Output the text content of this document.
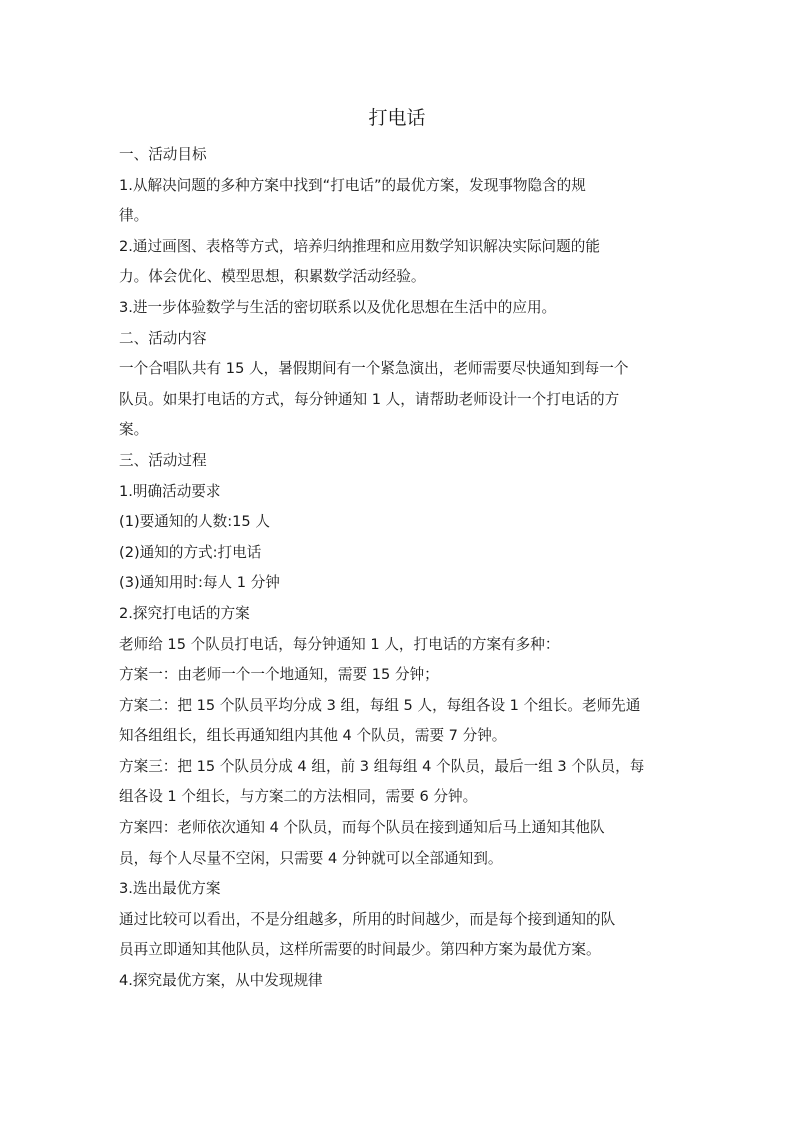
打电话
一、活动目标
1.从解决问题的多种方案中找到“打电话”的最优方案，发现事物隐含的规
律。
2.通过画图、表格等方式，培养归纳推理和应用数学知识解决实际问题的能
力。体会优化、模型思想，积累数学活动经验。
3.进一步体验数学与生活的密切联系以及优化思想在生活中的应用。
二、活动内容
一个合唱队共有 15 人，暑假期间有一个紧急演出，老师需要尽快通知到每一个
队员。如果打电话的方式，每分钟通知 1 人，请帮助老师设计一个打电话的方
案。
三、活动过程
1.明确活动要求
(1)要通知的人数:15 人
(2)通知的方式:打电话
(3)通知用时:每人 1 分钟
2.探究打电话的方案
老师给 15 个队员打电话，每分钟通知 1 人，打电话的方案有多种：
方案一：由老师一个一个地通知，需要 15 分钟；
方案二：把 15 个队员平均分成 3 组，每组 5 人，每组各设 1 个组长。老师先通
知各组组长，组长再通知组内其他 4 个队员，需要 7 分钟。
方案三：把 15 个队员分成 4 组，前 3 组每组 4 个队员，最后一组 3 个队员，每
组各设 1 个组长，与方案二的方法相同，需要 6 分钟。
方案四：老师依次通知 4 个队员，而每个队员在接到通知后马上通知其他队
员，每个人尽量不空闲，只需要 4 分钟就可以全部通知到。
3.选出最优方案
通过比较可以看出，不是分组越多，所用的时间越少，而是每个接到通知的队
员再立即通知其他队员，这样所需要的时间最少。第四种方案为最优方案。
4.探究最优方案，从中发现规律
